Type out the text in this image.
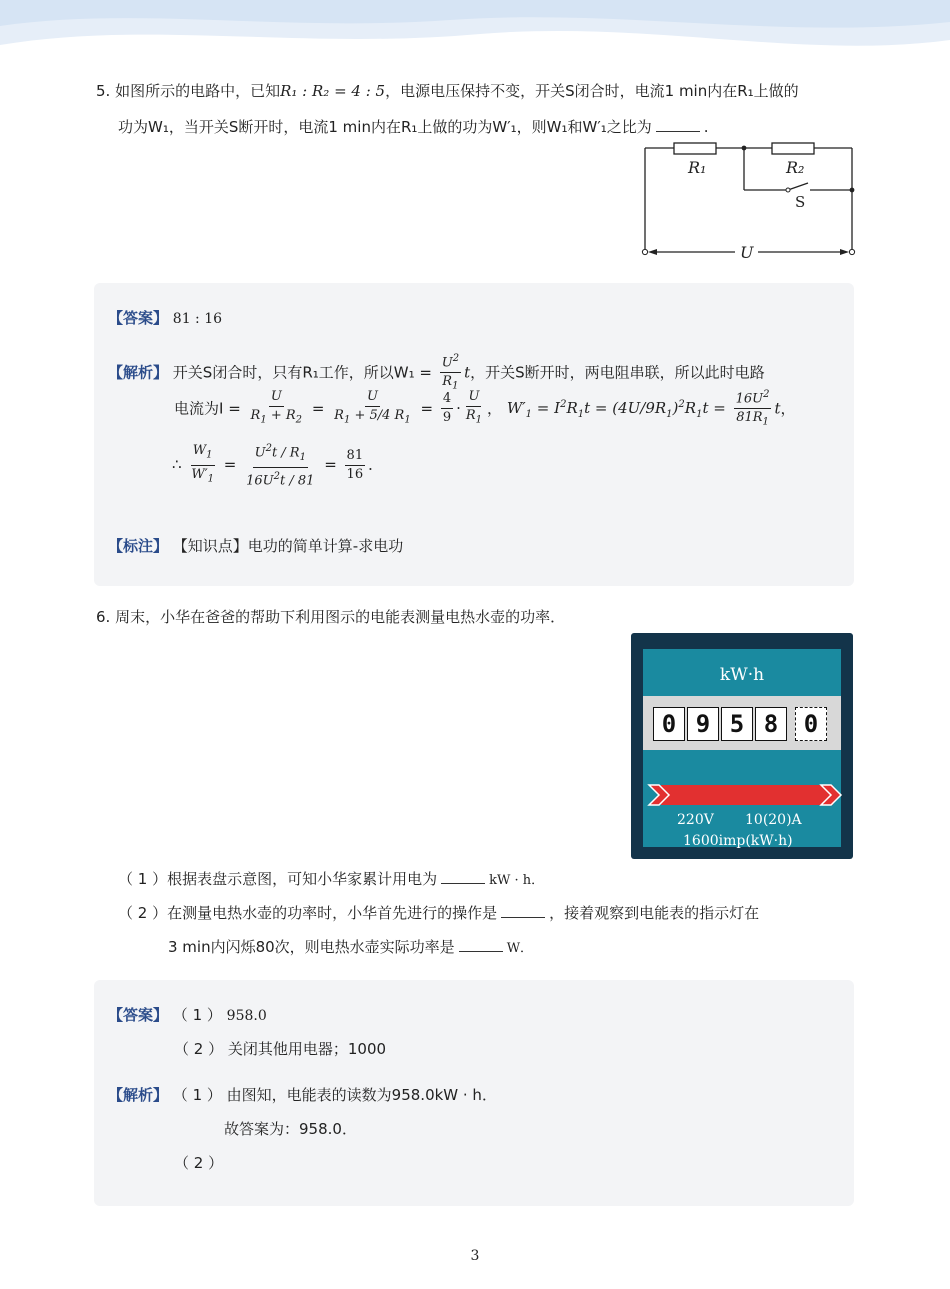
5. 如图所示的电路中，已知R₁ : R₂ = 4 : 5，电源电压保持不变，开关S闭合时，电流1 min内在R₁上做的
功为W₁，当开关S断开时，电流1 min内在R₁上做的功为W′₁，则W₁和W′₁之比为	.
R₁	R₂
S
U
【答案】 81 : 16
【解析】 开关S闭合时，只有R₁工作，所以$W_1 = \frac{U^2}{R_1}$ t，开关S断开时，两电阻串联，所以此时电路
电流为$I = \frac{U}{R_1 + R_2} = \frac{U}{R_1 + 5/4 R_1} = \frac{4}{9} \cdot \frac{U}{R_1}$ ， $W'_1 = I^2R_1t = (4U/9R_1)^2R_1t = \frac{16U^2}{81R_1}$ t，
∴ $\frac{W_1}{W'_1} = \frac{U^2t / R_1}{16U^2t / 81} = \frac{81}{16}$ ．
【标注】 【知识点】电功的简单计算-求电功
6. 周末，小华在爸爸的帮助下利用图示的电能表测量电热水壶的功率．
kW·h
0 9 5 8	0
220V 10(20)A
1600imp(kW·h)
（ 1 ）根据表盘示意图，可知小华家累计用电为	kW · h．
（ 2 ）在测量电热水壶的功率时，小华首先进行的操作是	，接着观察到电能表的指示灯在
3 min内闪烁80次，则电热水壶实际功率是	W．
【答案】 （ 1 ） 958.0
（ 2 ） 关闭其他用电器；1000
【解析】 （ 1 ） 由图知，电能表的读数为958.0kW · h．
故答案为：958.0．
（ 2 ）
3
